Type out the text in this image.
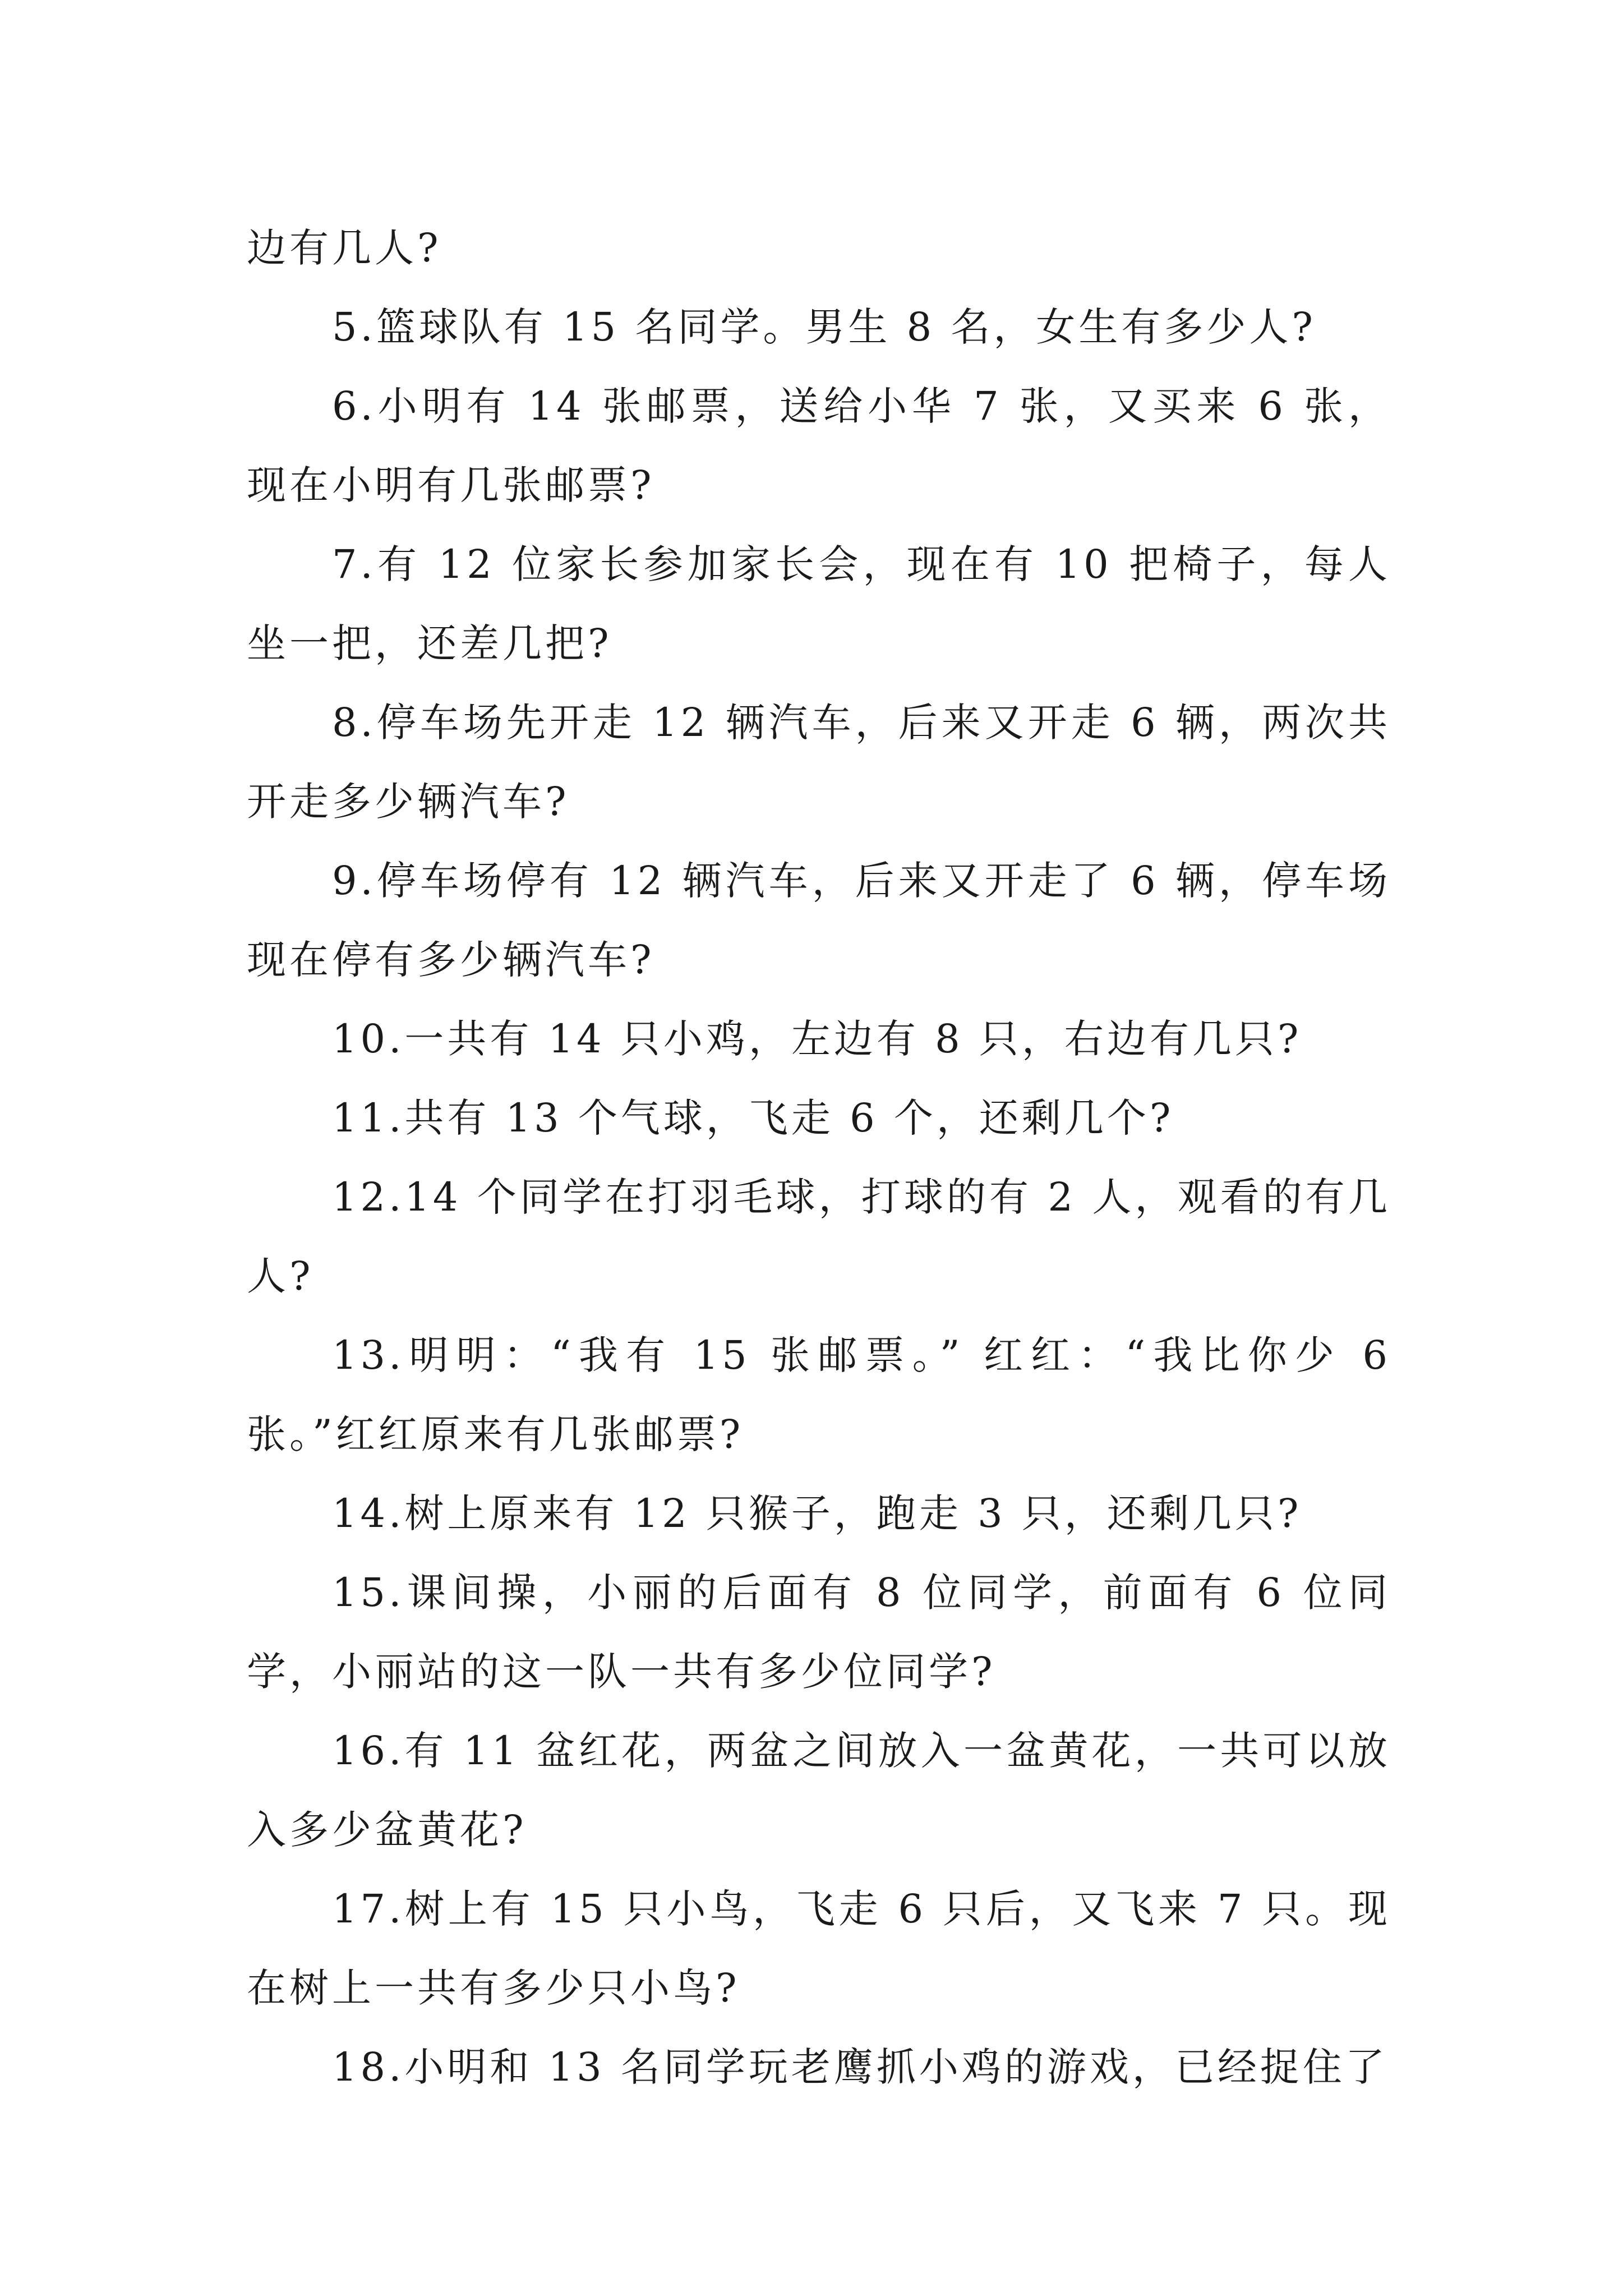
边有几人?

5.篮球队有 15 名同学。男生 8 名，女生有多少人?

6.小明有 14 张邮票，送给小华 7 张，又买来 6 张，现在小明有几张邮票?

7.有 12 位家长参加家长会，现在有 10 把椅子，每人坐一把，还差几把?

8.停车场先开走 12 辆汽车，后来又开走 6 辆，两次共开走多少辆汽车?

9.停车场停有 12 辆汽车，后来又开走了 6 辆，停车场现在停有多少辆汽车?

10.一共有 14 只小鸡，左边有 8 只，右边有几只?

11.共有 13 个气球，飞走 6 个，还剩几个?

12.14 个同学在打羽毛球，打球的有 2 人，观看的有几人?

13.明明：“我有 15 张邮票。” 红红：“我比你少 6 张。”红红原来有几张邮票?

14.树上原来有 12 只猴子，跑走 3 只，还剩几只?

15.课间操，小丽的后面有 8 位同学，前面有 6 位同学，小丽站的这一队一共有多少位同学?

16.有 11 盆红花，两盆之间放入一盆黄花，一共可以放入多少盆黄花?

17.树上有 15 只小鸟，飞走 6 只后，又飞来 7 只。现在树上一共有多少只小鸟?

18.小明和 13 名同学玩老鹰抓小鸡的游戏，已经捉住了
